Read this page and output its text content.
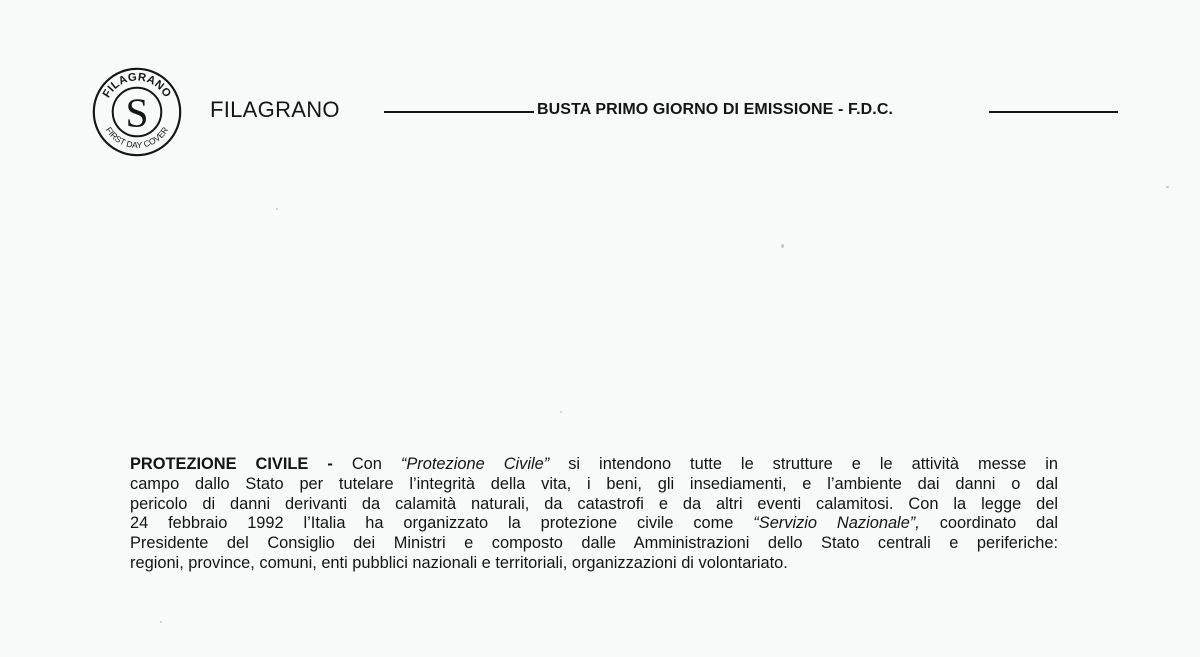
FILAGRANO
FIRST DAY COVER
S	FILAGRANO	BUSTA PRIMO GIORNO DI EMISSIONE - F.D.C.
PROTEZIONE CIVILE - Con “Protezione Civile” si intendono tutte le strutture e le attività messe in
campo dallo Stato per tutelare l’integrità della vita, i beni, gli insediamenti, e l’ambiente dai danni o dal
pericolo di danni derivanti da calamità naturali, da catastrofi e da altri eventi calamitosi. Con la legge del
24 febbraio 1992 l’Italia ha organizzato la protezione civile come “Servizio Nazionale”, coordinato dal
Presidente del Consiglio dei Ministri e composto dalle Amministrazioni dello Stato centrali e periferiche:
regioni, province, comuni, enti pubblici nazionali e territoriali, organizzazioni di volontariato.
